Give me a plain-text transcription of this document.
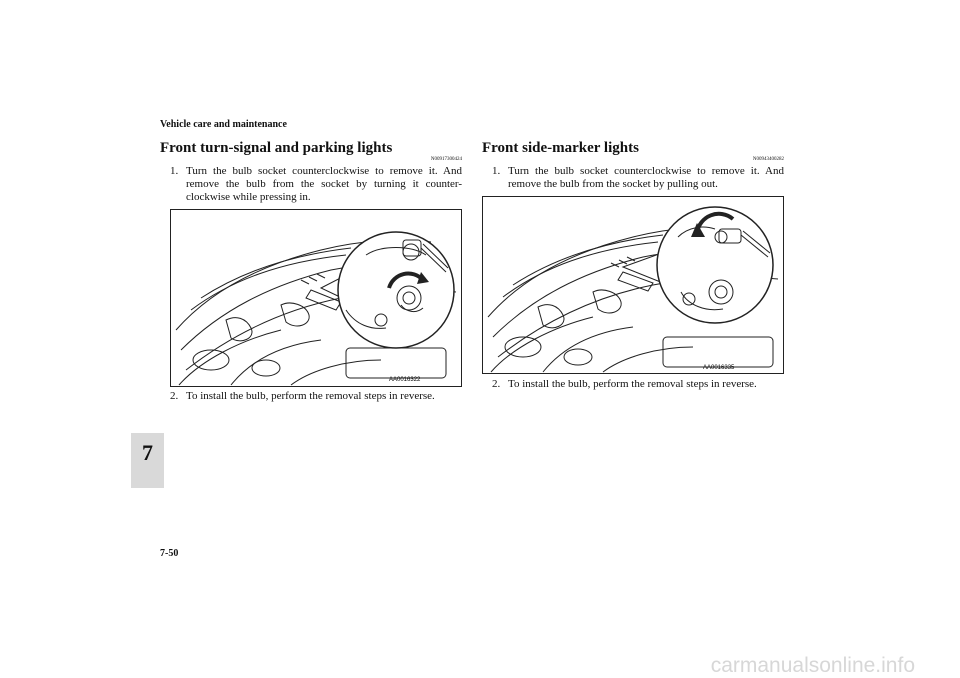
Vehicle care and maintenance
7
Front turn-signal and parking lights
N00917300424
1. Turn the bulb socket counterclockwise to remove it. And remove the bulb from the socket by turning it counter-clockwise while pressing in.
AA0016322
2. To install the bulb, perform the removal steps in reverse.
Front side-marker lights
N00943400282
1. Turn the bulb socket counterclockwise to remove it. And remove the bulb from the socket by pulling out.
AA0016335
2. To install the bulb, perform the removal steps in reverse.
7-50
carmanualsonline.info
